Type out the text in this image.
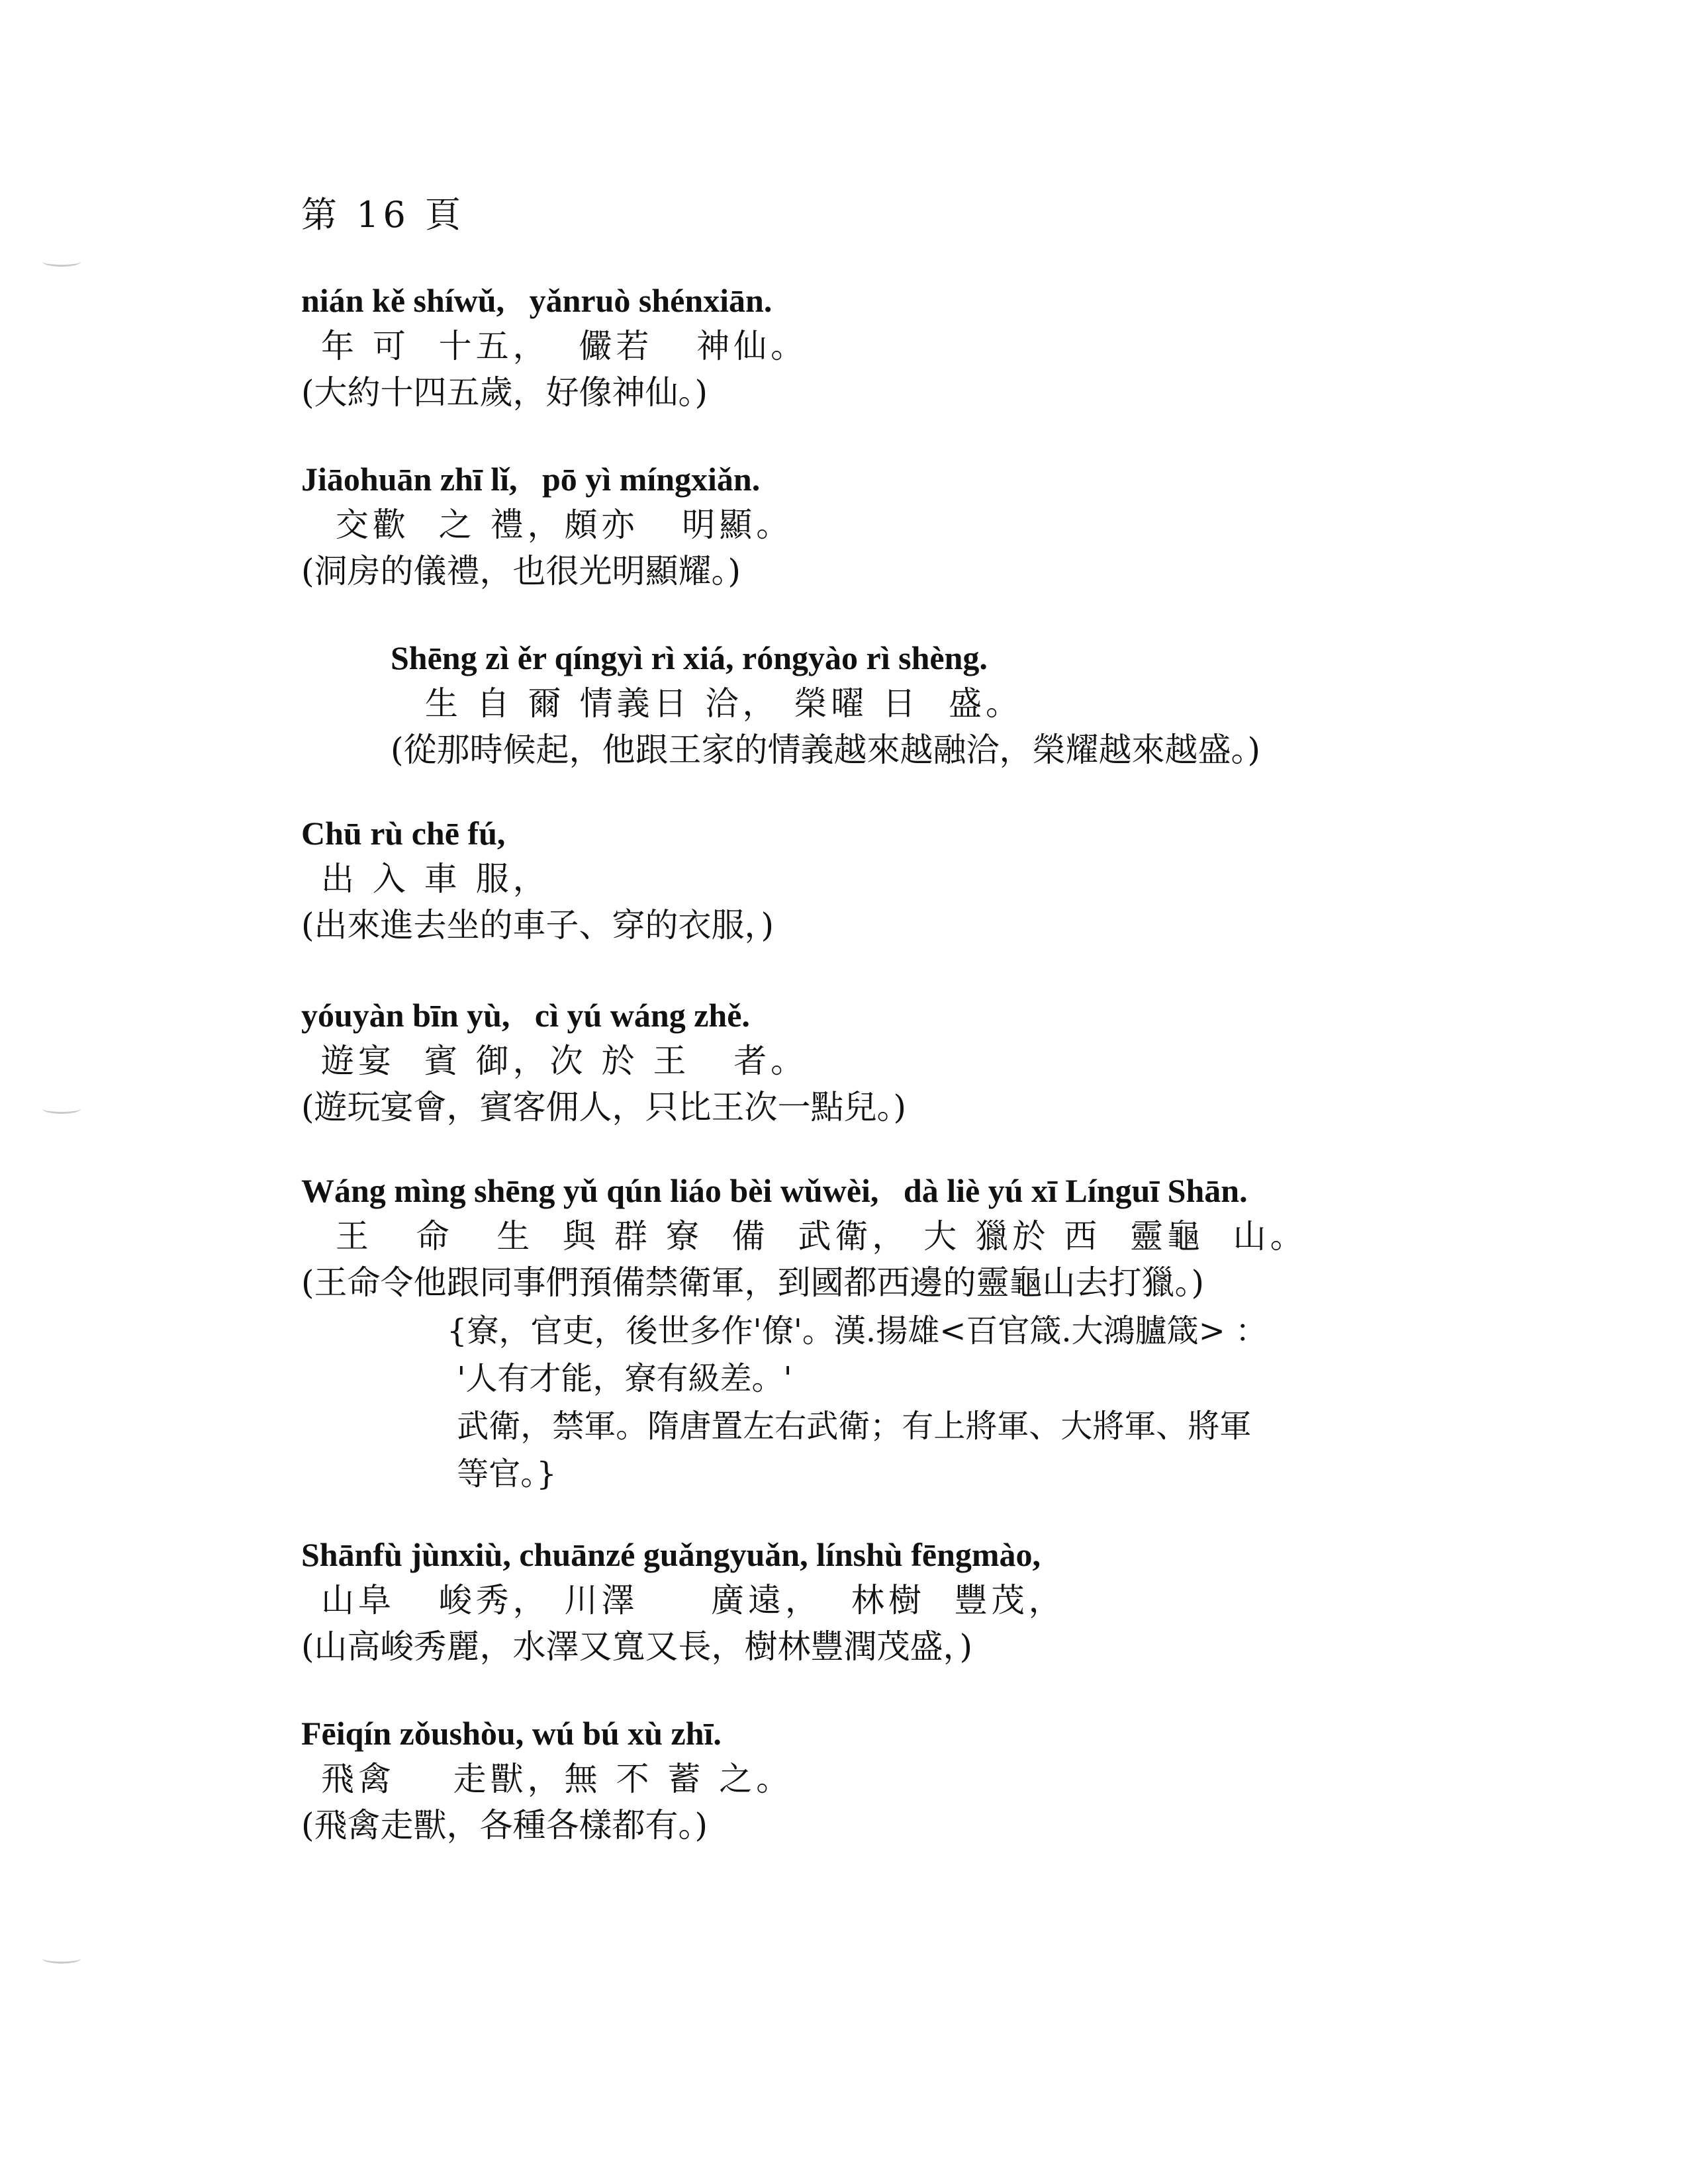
第 16 頁
nián kě shíwǔ,   yǎnruò shénxiān.
年 可  十五，  儼若   神仙。
(大約十四五歲，好像神仙。)
Jiāohuān zhī lǐ,   pō yì míngxiǎn.
交歡  之 禮，頗亦   明顯。
(洞房的儀禮，也很光明顯耀。)
Shēng zì ěr qíngyì rì xiá, róngyào rì shèng.
生 自 爾 情義日 洽， 榮曜 日  盛。
(從那時候起，他跟王家的情義越來越融洽，榮耀越來越盛。)
Chū rù chē fú,
出 入 車 服，
(出來進去坐的車子、穿的衣服，)
yóuyàn bīn yù,   cì yú wáng zhě.
遊宴  賓 御，次 於 王   者。
(遊玩宴會，賓客佣人，只比王次一點兒。)
Wáng mìng shēng yǔ qún liáo bèi wǔwèi,   dà liè yú xī Línguī Shān.
王   命   生  與 群 寮  備  武衛， 大 獵於 西  靈龜  山。
(王命令他跟同事們預備禁衛軍，到國都西邊的靈龜山去打獵。)
{寮，官吏，後世多作'僚'。漢.揚雄<百官箴.大鴻臚箴> ：
'人有才能，寮有級差。'
武衛，禁軍。隋唐置左右武衛；有上將軍、大將軍、將軍
等官。}
Shānfù jùnxiù, chuānzé guǎngyuǎn, línshù fēngmào,
山阜   峻秀， 川澤     廣遠，  林樹  豐茂，
(山高峻秀麗，水澤又寬又長，樹林豐潤茂盛，)
Fēiqín zǒushòu, wú bú xù zhī.
飛禽    走獸，無 不 蓄 之。
(飛禽走獸，各種各樣都有。)
